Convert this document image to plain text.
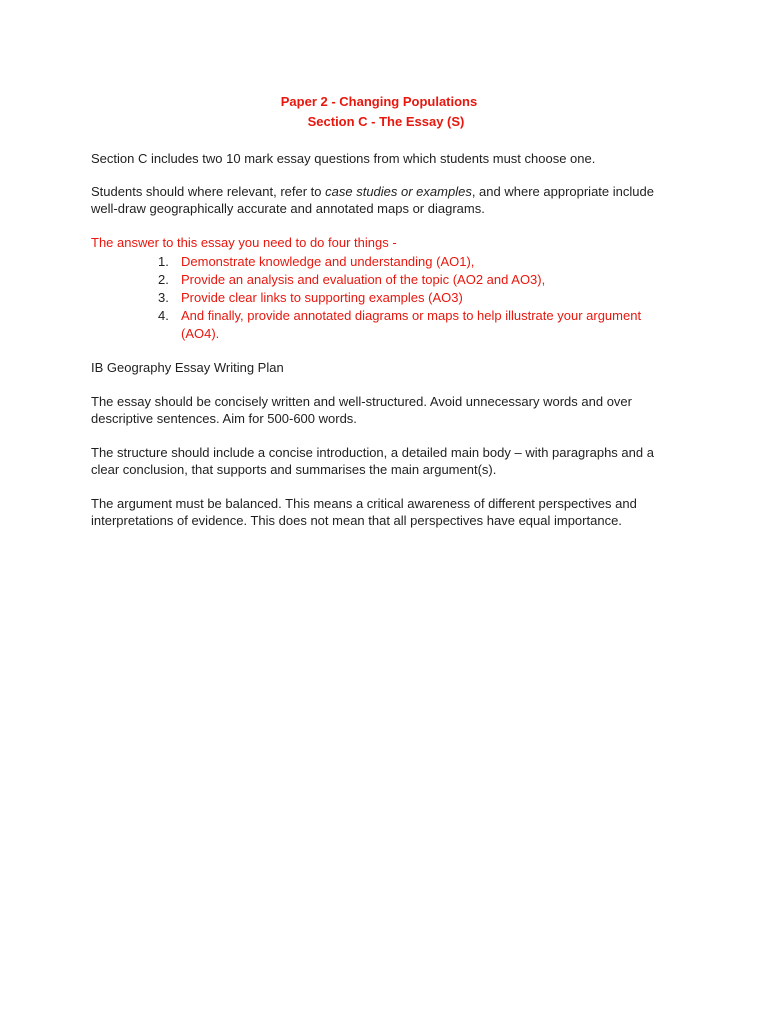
Paper 2 - Changing Populations

Section C - The Essay (S)

Section C includes two 10 mark essay questions from which students must choose one.

Students should where relevant, refer to case studies or examples, and where appropriate include well-draw geographically accurate and annotated maps or diagrams.

The answer to this essay you need to do four things -

1. Demonstrate knowledge and understanding (AO1),
2. Provide an analysis and evaluation of the topic (AO2 and AO3),
3. Provide clear links to supporting examples (AO3)
4. And finally, provide annotated diagrams or maps to help illustrate your argument (AO4).

IB Geography Essay Writing Plan

The essay should be concisely written and well-structured. Avoid unnecessary words and over descriptive sentences. Aim for 500-600 words.

The structure should include a concise introduction, a detailed main body – with paragraphs and a clear conclusion, that supports and summarises the main argument(s).

The argument must be balanced. This means a critical awareness of different perspectives and interpretations of evidence. This does not mean that all perspectives have equal importance.
